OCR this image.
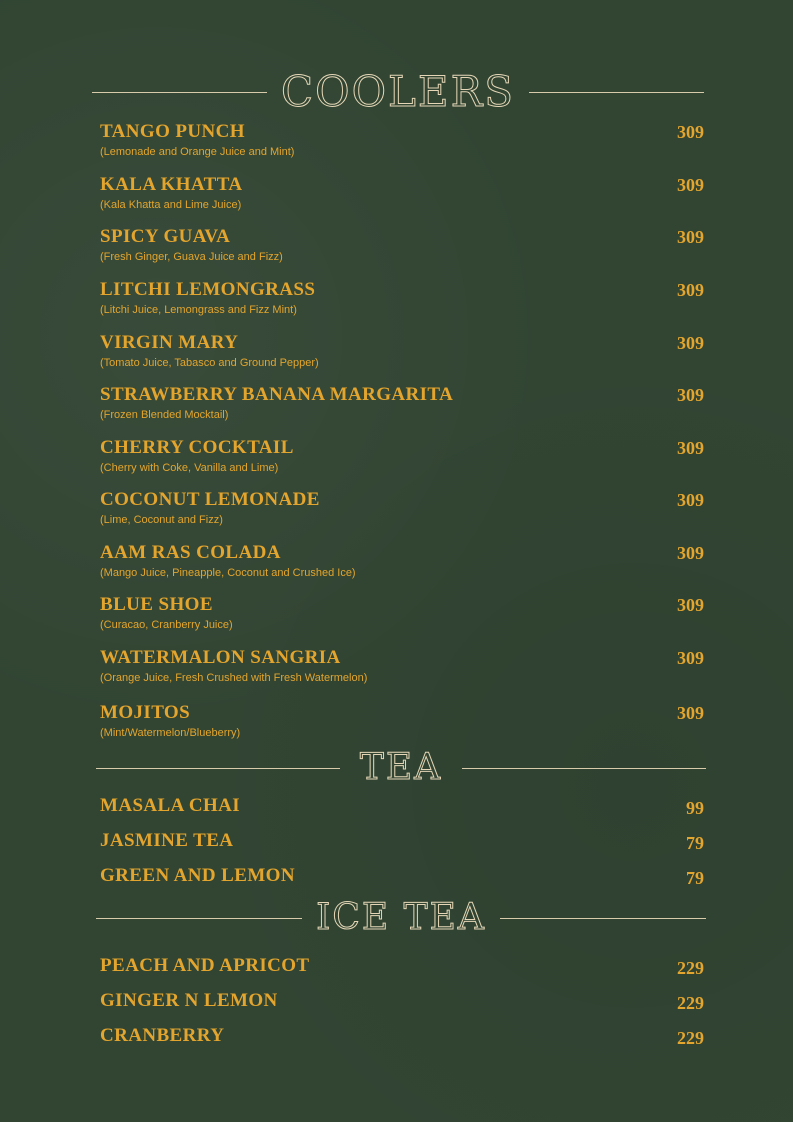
COOLERS
TANGO PUNCH	309
(Lemonade and Orange Juice and Mint)
KALA KHATTA	309
(Kala Khatta and Lime Juice)
SPICY GUAVA	309
(Fresh Ginger, Guava Juice and Fizz)
LITCHI LEMONGRASS	309
(Litchi Juice, Lemongrass and Fizz Mint)
VIRGIN MARY	309
(Tomato Juice, Tabasco and Ground Pepper)
STRAWBERRY BANANA MARGARITA	309
(Frozen Blended Mocktail)
CHERRY COCKTAIL	309
(Cherry with Coke, Vanilla and Lime)
COCONUT LEMONADE	309
(Lime, Coconut and Fizz)
AAM RAS COLADA	309
(Mango Juice, Pineapple, Coconut and Crushed Ice)
BLUE SHOE	309
(Curacao, Cranberry Juice)
WATERMALON SANGRIA	309
(Orange Juice, Fresh Crushed with Fresh Watermelon)
MOJITOS	309
(Mint/Watermelon/Blueberry)
TEA
MASALA CHAI	99
JASMINE TEA	79
GREEN AND LEMON	79
ICE TEA
PEACH AND APRICOT	229
GINGER N LEMON	229
CRANBERRY	229
